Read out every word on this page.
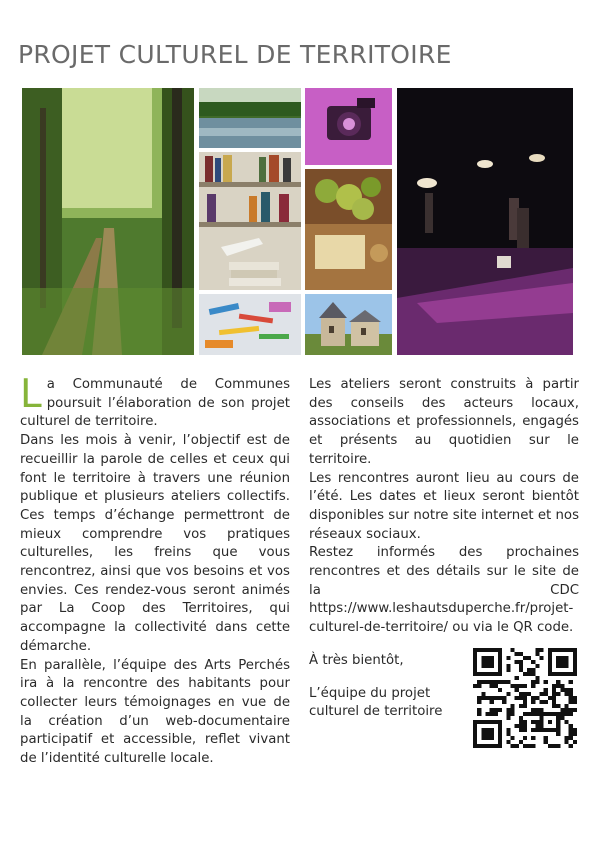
PROJET CULTUREL DE TERRITOIRE

La Communauté de Communes poursuit l’élaboration de son projet culturel de territoire.

Dans les mois à venir, l’objectif est de recueillir la parole de celles et ceux qui font le territoire à travers une réunion publique et plusieurs ateliers collectifs. Ces temps d’échange permettront de mieux comprendre vos pratiques culturelles, les freins que vous rencontrez, ainsi que vos besoins et vos envies. Ces rendez-vous seront animés par La Coop des Territoires, qui accompagne la collectivité dans cette démarche.

En parallèle, l’équipe des Arts Perchés ira à la rencontre des habitants pour collecter leurs témoignages en vue de la création d’un web-documentaire participatif et accessible, reflet vivant de l’identité culturelle locale.

Les ateliers seront construits à partir des conseils des acteurs locaux, associations et professionnels, engagés et présents au quotidien sur le territoire.

Les rencontres auront lieu au cours de l’été. Les dates et lieux seront bientôt disponibles sur notre site internet et nos réseaux sociaux.

Restez informés des prochaines rencontres et des détails sur le site de la CDC https://www.leshautsduperche.fr/projet-culturel-de-territoire/ ou via le QR code.

À très bientôt,

L’équipe du projet culturel de territoire
